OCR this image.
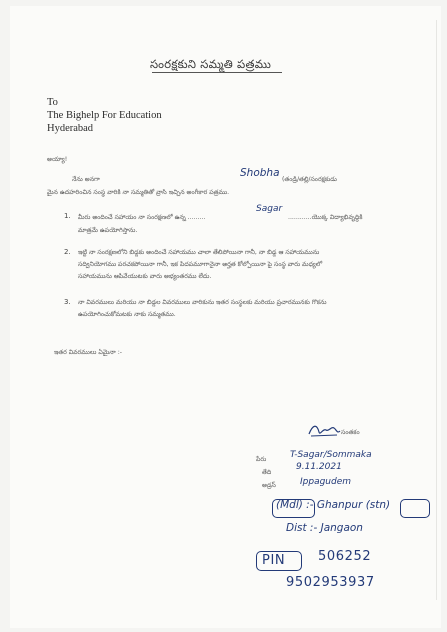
సంరక్షకుని సమ్మతి పత్రము
To
The Bighelp For Education
Hyderabad
అయ్యా!
నేను అనగా
Shobha
(తండ్రి/తల్లి/సంరక్షకుడు
మైన ఉదహరించిన సంస్థ వారికి నా సమ్మతితో వ్రాసి ఇచ్చిన అంగీకార పత్రము.
1. మీరు అందించే సహాయం నా సంరక్షణలో ఉన్న .........
Sagar
............యొక్క విద్యాభివృద్ధికి
మాత్రమే ఉపయోగిస్తాను.
2. ఇట్టి నా సంరక్షణలోని బిడ్డకు అందించే సహాయము చాలా తేలిపోయినా గానీ, నా బిడ్డ ఆ సహాయమును
సద్వినియోగము పరచకపోయినా గానీ, ఇక పిదపమూగానైనా అర్హత కోల్పోయినా పై సంస్థ వారు మధ్యలో
సహాయమును ఆపివేయుటకు వారు అభ్యంతరము లేదు.
3. నా వివరములు మరియు నా బిడ్డల వివరములు వారికును ఇతర సంస్థలకు మరియు ప్రచారమునకు గొకను
ఉపయోగించుకోమటకు నాకు సమ్మతము.
ఇతర వివరములు ఏమైనా :-
సంతకం
పేరు	T-Sagar/Sommaka
తేది
9.11.2021
అడ్రస్	Ippagudem
(Mdl) :- Ghanpur (stn)
Dist :- Jangaon
PIN	506252
9502953937
